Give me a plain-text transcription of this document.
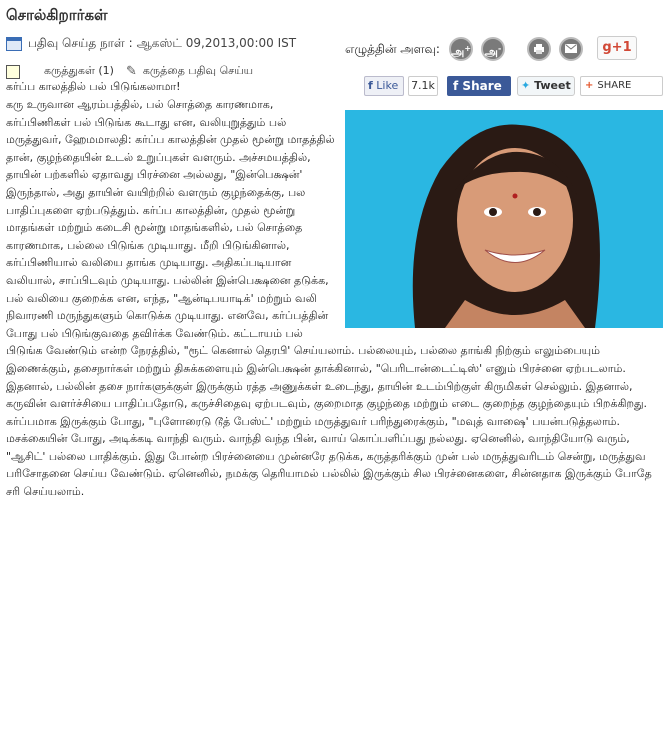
சொல்கிறார்கள்
பதிவு செய்த நாள் : ஆகஸ்ட் 09,2013,00:00 IST	எழுத்தின் அளவு: அ+	அ-	g+1
f Like	7.1k	f Share	✦ Tweet	+ SHARE
கருத்துகள் (1) ✎ கருத்தை பதிவு செய்ய
கர்ப்ப காலத்தில் பல் பிடுங்கலாமா!
கரு உருவான ஆரம்பத்தில், பல் சொத்தை காரணமாக, கர்ப்பிணிகள் பல் பிடுங்க கூடாது என, வலியுறுத்தும் பல் மருத்துவர், ஹேமமாலதி: கர்ப்ப காலத்தின் முதல் மூன்று மாதத்தில் தான், குழந்தையின் உடல் உறுப்புகள் வளரும். அச்சமயத்தில், தாயின் பற்களில் ஏதாவது பிரச்னை அல்லது, "இன்பெக்ஷன்' இருந்தால், அது தாயின் வயிற்றில் வளரும் குழந்தைக்கு, பல பாதிப்புகளை ஏற்படுத்தும். கர்ப்ப காலத்தின், முதல் மூன்று மாதங்கள் மற்றும் கடைசி மூன்று மாதங்களில், பல் சொத்தை காரணமாக, பல்லை பிடுங்க முடியாது. மீறி பிடுங்கினால், கர்ப்பிணியால் வலியை தாங்க முடியாது. அதிகப்படியான வலியால், சாப்பிடவும் முடியாது. பல்லின் இன்பெக்ஷனை தடுக்க, பல் வலியை குறைக்க என, எந்த, "ஆன்டிபயாடிக்' மற்றும் வலி நிவாரணி மருந்துகளும் கொடுக்க முடியாது. எனவே, கர்ப்பத்தின் போது பல் பிடுங்குவதை தவிர்க்க வேண்டும். கட்டாயம் பல் பிடுங்க வேண்டும் என்ற நேரத்தில், "ரூட் கெனால் தெரபி' செய்யலாம். பல்லையும், பல்லை தாங்கி நிற்கும் எலும்பையும் இணைக்கும், தசைநார்கள் மற்றும் திசுக்களையும் இன்பெக்ஷன் தாக்கினால், "பெரிடான்டைட்டிஸ்' எனும் பிரச்னை ஏற்படலாம். இதனால், பல்லின் தசை நார்களுக்குள் இருக்கும் ரத்த அணுக்கள் உடைந்து, தாயின் உடம்பிற்குள் கிருமிகள் செல்லும். இதனால், கருவின் வளர்ச்சியை பாதிப்பதோடு, கருச்சிதைவு ஏற்படவும், குறைமாத குழந்தை மற்றும் எடை குறைந்த குழந்தையும் பிறக்கிறது. கர்ப்பமாக இருக்கும் போது, "புளோரைடு டூத் பேஸ்ட்' மற்றும் மருத்துவர் பரிந்துரைக்கும், "மவுத் வாஷை' பயன்படுத்தலாம். மசக்கையின் போது, அடிக்கடி வாந்தி வரும். வாந்தி வந்த பின், வாய் கொப்பளிப்பது நல்லது. ஏனெனில், வாந்தியோடு வரும், "ஆசிட்' பல்லை பாதிக்கும். இது போன்ற பிரச்னையை முன்னரே தடுக்க, கருத்தரிக்கும் முன் பல் மருத்துவரிடம் சென்று, மருத்துவ பரிசோதனை செய்ய வேண்டும். ஏனெனில், நமக்கு தெரியாமல் பல்லில் இருக்கும் சில பிரச்னைகளை, சின்னதாக இருக்கும் போதே சரி செய்யலாம்.
